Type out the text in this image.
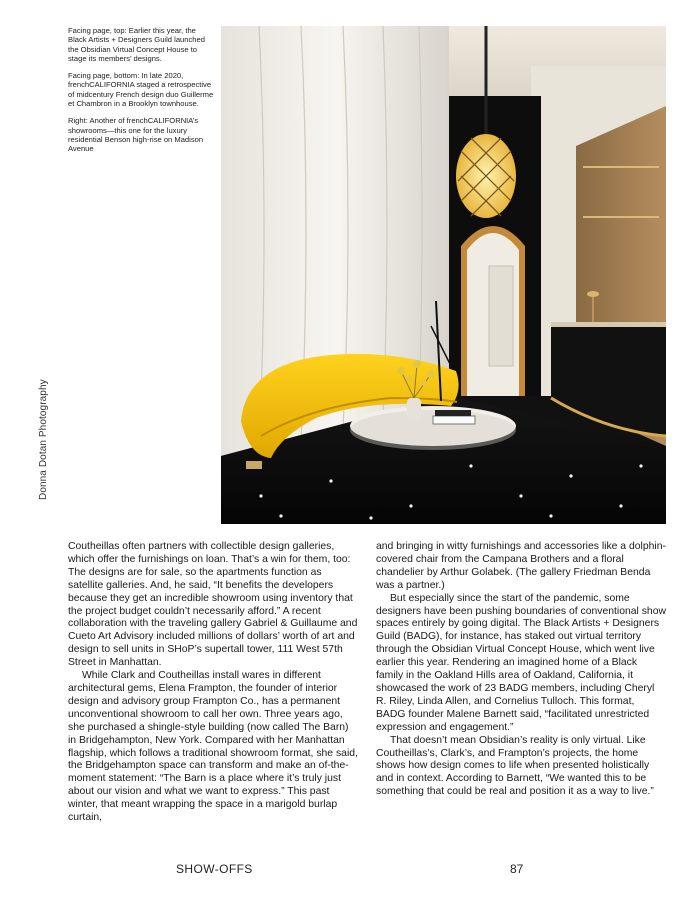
Facing page, top: Earlier this year, the Black Artists + Designers Guild launched the Obsidian Virtual Concept House to stage its members’ designs.

Facing page, bottom: In late 2020, frenchCALIFORNIA staged a retrospective of midcentury French design duo Guillerme et Chambron in a Brooklyn townhouse.

Right: Another of frenchCALIFORNIA’s showrooms—this one for the luxury residential Benson high-rise on Madison Avenue

Donna Dotan Photography

Coutheillas often partners with collectible design galleries, which offer the furnishings on loan. That’s a win for them, too: The designs are for sale, so the apartments function as satellite galleries. And, he said, “It benefits the developers because they get an incredible showroom using inventory that the project budget couldn’t necessarily afford.” A recent collaboration with the traveling gallery Gabriel & Guillaume and Cueto Art Advisory included millions of dollars’ worth of art and design to sell units in SHoP’s supertall tower, 111 West 57th Street in Manhattan.

While Clark and Coutheillas install wares in different architectural gems, Elena Frampton, the founder of interior design and advisory group Frampton Co., has a permanent unconventional showroom to call her own. Three years ago, she purchased a shingle-style building (now called The Barn) in Bridgehampton, New York. Compared with her Manhattan flagship, which follows a traditional showroom format, she said, the Bridgehampton space can transform and make an of-the-moment statement: “The Barn is a place where it’s truly just about our vision and what we want to express.” This past winter, that meant wrapping the space in a marigold burlap curtain,

and bringing in witty furnishings and accessories like a dolphin-covered chair from the Campana Brothers and a floral chandelier by Arthur Golabek. (The gallery Friedman Benda was a partner.)

But especially since the start of the pandemic, some designers have been pushing boundaries of conventional show spaces entirely by going digital. The Black Artists + Designers Guild (BADG), for instance, has staked out virtual territory through the Obsidian Virtual Concept House, which went live earlier this year. Rendering an imagined home of a Black family in the Oakland Hills area of Oakland, California, it showcased the work of 23 BADG members, including Cheryl R. Riley, Linda Allen, and Cornelius Tulloch. This format, BADG founder Malene Barnett said, “facilitated unrestricted expression and engagement.”

That doesn’t mean Obsidian’s reality is only virtual. Like Coutheillas’s, Clark’s, and Frampton’s projects, the home shows how design comes to life when presented holistically and in context. According to Barnett, “We wanted this to be something that could be real and position it as a way to live.”

SHOW-OFFS	87
